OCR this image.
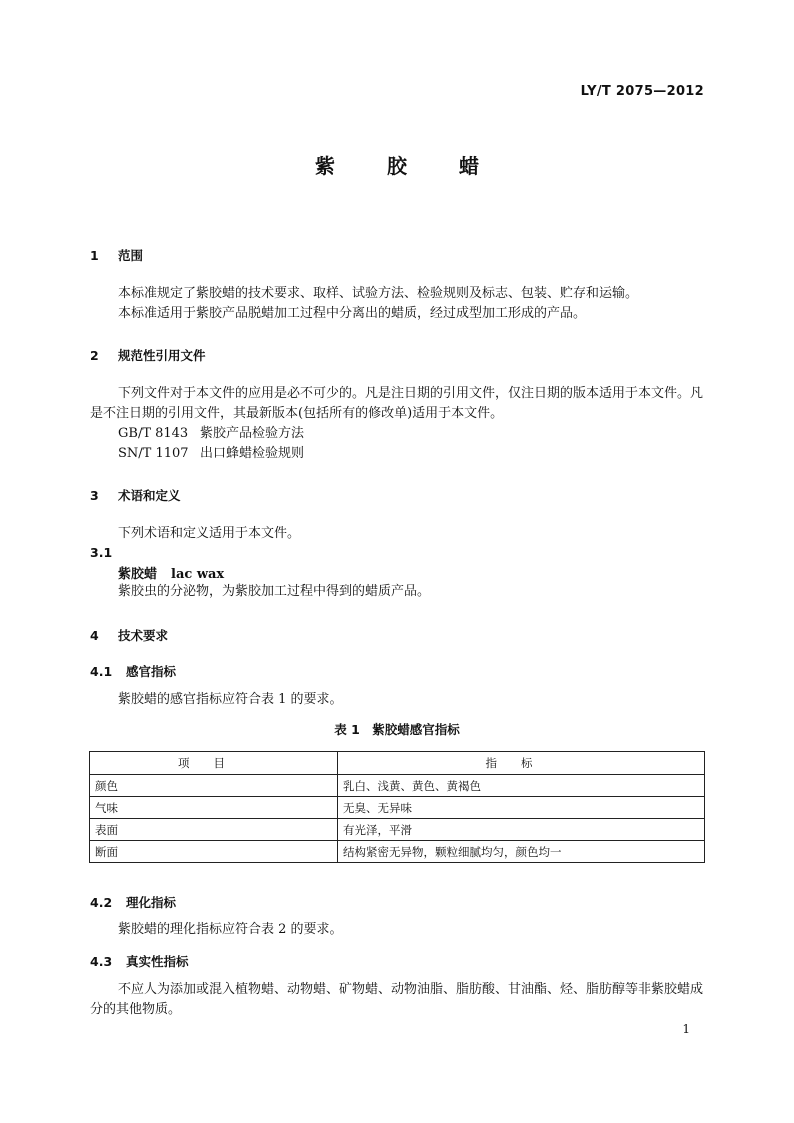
LY/T 2075—2012
紫	胶	蜡
1 范围
本标准规定了紫胶蜡的技术要求、取样、试验方法、检验规则及标志、包装、贮存和运输。
本标准适用于紫胶产品脱蜡加工过程中分离出的蜡质，经过成型加工形成的产品。
2 规范性引用文件
下列文件对于本文件的应用是必不可少的。凡是注日期的引用文件，仅注日期的版本适用于本文件。凡是不注日期的引用文件，其最新版本(包括所有的修改单)适用于本文件。
GB/T 8143 紫胶产品检验方法
SN/T 1107 出口蜂蜡检验规则
3 术语和定义
下列术语和定义适用于本文件。
3.1
紫胶蜡 lac wax
紫胶虫的分泌物，为紫胶加工过程中得到的蜡质产品。
4 技术要求
4.1 感官指标
紫胶蜡的感官指标应符合表 1 的要求。
表 1　紫胶蜡感官指标
项目	指标
颜色	乳白、浅黄、黄色、黄褐色
气味	无臭、无异味
表面	有光泽，平滑
断面	结构紧密无异物，颗粒细腻均匀，颜色均一
4.2 理化指标
紫胶蜡的理化指标应符合表 2 的要求。
4.3 真实性指标
不应人为添加或混入植物蜡、动物蜡、矿物蜡、动物油脂、脂肪酸、甘油酯、烃、脂肪醇等非紫胶蜡成分的其他物质。
1
